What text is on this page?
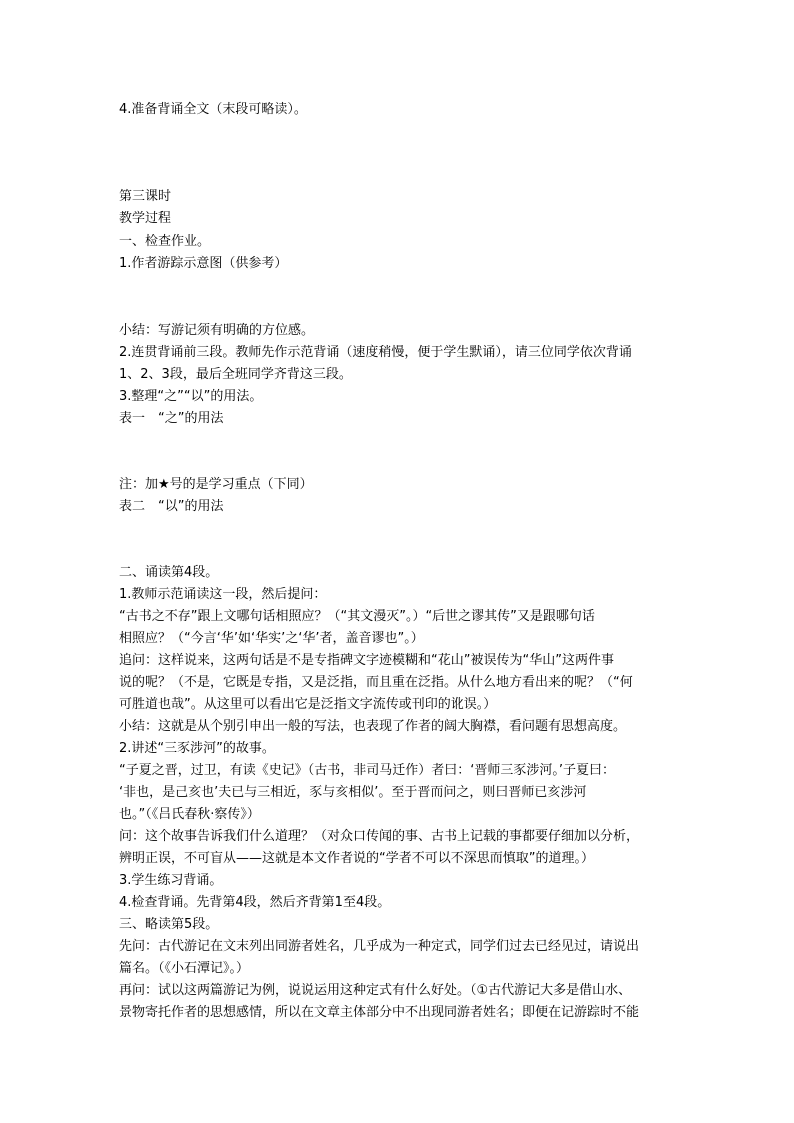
4.准备背诵全文（末段可略读）。
第三课时
教学过程
一、检查作业。
1.作者游踪示意图（供参考）
小结：写游记须有明确的方位感。
2.连贯背诵前三段。教师先作示范背诵（速度稍慢，便于学生默诵），请三位同学依次背诵
1、2、3段，最后全班同学齐背这三段。
3.整理“之”“以”的用法。
表一　“之”的用法
注：加★号的是学习重点（下同）
表二　“以”的用法
二、诵读第4段。
1.教师示范诵读这一段，然后提问：
“古书之不存”跟上文哪句话相照应？（“其文漫灭”。）“后世之谬其传”又是跟哪句话
相照应？（“今言‘华’如‘华实’之‘华’者，盖音谬也”。）
追问：这样说来，这两句话是不是专指碑文字迹模糊和“花山”被误传为“华山”这两件事
说的呢？（不是，它既是专指，又是泛指，而且重在泛指。从什么地方看出来的呢？（“何
可胜道也哉”。从这里可以看出它是泛指文字流传或刊印的讹误。）
小结：这就是从个别引申出一般的写法，也表现了作者的阔大胸襟，看问题有思想高度。
2.讲述“三豕涉河”的故事。
“子夏之晋，过卫，有读《史记》（古书，非司马迁作）者曰：‘晋师三豕涉河。’子夏曰：
‘非也，是己亥也’夫已与三相近，豕与亥相似’。至于晋而问之，则曰晋师已亥涉河
也。”（《吕氏春秋·察传》）
问：这个故事告诉我们什么道理？（对众口传闻的事、古书上记载的事都要仔细加以分析，
辨明正误，不可盲从——这就是本文作者说的“学者不可以不深思而慎取”的道理。）
3.学生练习背诵。
4.检查背诵。先背第4段，然后齐背第1至4段。
三、略读第5段。
先问：古代游记在文末列出同游者姓名，几乎成为一种定式，同学们过去已经见过，请说出
篇名。（《小石潭记》。）
再问：试以这两篇游记为例，说说运用这种定式有什么好处。（①古代游记大多是借山水、
景物寄托作者的思想感情，所以在文章主体部分中不出现同游者姓名；即便在记游踪时不能
